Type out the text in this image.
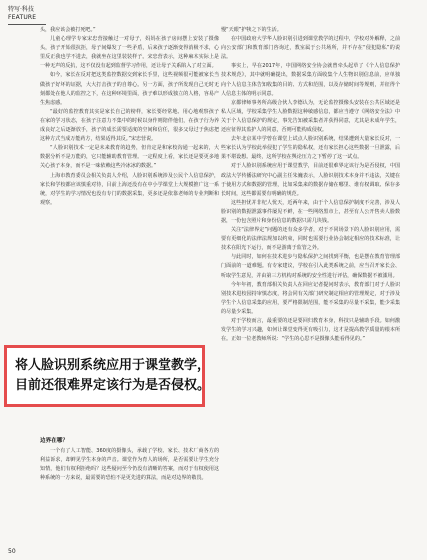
特写·科技
FEATURE

头，我应该会被打死吧。”

儿童心理学专家宋忠营接触过一对母子，妈妈在孩子房间摆上安装了摄像头，孩子开始很抗拒，母子间爆发了一些矛盾，后来孩子逐渐变得消极不求，心里反正我也学不进去，我就坐在这里装装样子。宋忠营表示，这种麻木实际上是一种无声的反抗，这不仅没有起到监督学习作用，还让母子关系陷入了对立面。

如今，家长在反对把这类监控数据交到家长手里，这些视频很可能被家长当做孩子好坏的证据，大大打击孩子的自尊心。另一方面，孩子所发现自己无时无刻都处在他人的监控之下，在这种环境里面，孩子难以形成独立的人格，容易产生焦虑感。

“最好的监控教育其实是家长自己的榜样，家长要经常地、用心地观察孩子在家的学习状态，在孩子注意力不集中的时候以身作则陪伴他们，在孩子行为养成良好之后逐渐放手，孩子的成长需要适度的空间和信任，很多父母过于焦虑把这种方式当成万能药方，结果适得其反。”宋忠营说。

“人脸识别技术一定是未来教育的趋势，但肯定是和家校沟通一起来的，大数据分析不是万能的，它只能辅助教育管理。一定程度上看，家长还是要更多地关心孩子本身，而不是一味依赖这些冷冰冰的数据。”

上海市教育委员会相关负责人介绍，人脸识别系统涉及公民个人信息保护，家长和学校都应该慎重对待，目前上海还没有在中小学课堂上大规模推广这一系统，对学生的学习情况也没有专门的数据采集，更多还是依靠老师的专业判断和观察。

将人脸识别系统应用于课堂教学，
目前还很难界定该行为是否侵权。
边界在哪？

一个有了人工智能、360度的摄像头，承载了学校、家长、技术厂商各方的利益诉求，却鲜见学生本身的声音。课堂作为育人的场所，是否需要让学生充分知情，他们有权利拒绝吗？这些疑问至今仍没有清晰的答案，而对于有权使用这种系统的一方来说，最需要的恐怕不是更先进的算法，而是对边界的敬畏。

慢“天眼”护犊之下的生活。

在中国政府大学华人脸识别引进到课堂教学的过程中，学校对外解释，之前向公安部门和教育部门咨询过，教室属于公共场所，并不存在“侵犯隐私”的说法。

事实上，早在2017年，中国网络安全协会就曾牵头起草了《个人信息保护技术规范》，其中就明确提出，数据采集方面收集个人生物识别信息前，应单独向个人信息主体告知收集的目的、方式和范围，以及存储时间等规则，并征得个人信息主体的明示同意。

京都律师事务所高级合伙人李德认为，无论监控摄像头安装在公共区域还是私人区域，学校采集学生人脸数据这种敏感信息，都应当遵守《网络安全法》中关于个人信息保护的规定，事先告知被采集者并获得同意，尤其是未成年学生，还应征得其监护人的同意，否则可能构成侵权。

去年北京某中学曾在课堂上试点人脸识别系统，结果遭到大量家长反对，一些家长认为学校此举侵犯了学生的隐私权，还有家长担心这些数据一旦泄露，后果不堪设想。最终，这所学校在舆论压力之下暂停了这一试点。

对于人脸识别系统应用于课堂教学，目前还很难界定该行为是否侵权，中国政法大学传播法研究中心副主任朱巍表示，人脸识别技术本身并不违法，关键在于使用方式和数据的管理，比如采集来的数据存储在哪里、谁有权调取、保存多长时间，这些都需要有明确的规范。

这些担忧并非杞人忧天，近两年来，由于个人信息保护制度不完善，涉及人脸识别的数据泄露事件屡见不鲜，在一些网络黑市上，甚至有人公开售卖人脸数据，一份包含照片和身份信息的数据只需几块钱。

关注“法律界定”问题的还有众多学者，对于不同场景下的人脸识别应用，需要有更细化的法律法规加以约束，同时也需要行业协会制定相应的技术标准，让技术在阳光下运行，而不是游离于监管之外。

与此同时，如何在技术进步与隐私保护之间找到平衡，也是摆在教育管理部门面前的一道难题。有专家建议，学校在引入此类系统之前，应当召开家长会、听取学生意见，并由第三方机构对系统的安全性进行评估，确保数据不被滥用。

今年年初，教育部相关负责人在回应记者提问时表示，教育部门对于人脸识别技术进校园持审慎态度，将会同有关部门研究制定相应的管理规定，对于涉及学生个人信息采集的应用，要严格限制范围，能不采集的尽量不采集，能少采集的尽量少采集。

对于学校而言，最重要的还是要回归教育本身，科技只是辅助手段。如何激发学生的学习兴趣，如何让课堂变得更有吸引力，这才是提高教学质量的根本所在。正如一位老教师所说：“学生的心思不是摄像头能看得见的。”

50
